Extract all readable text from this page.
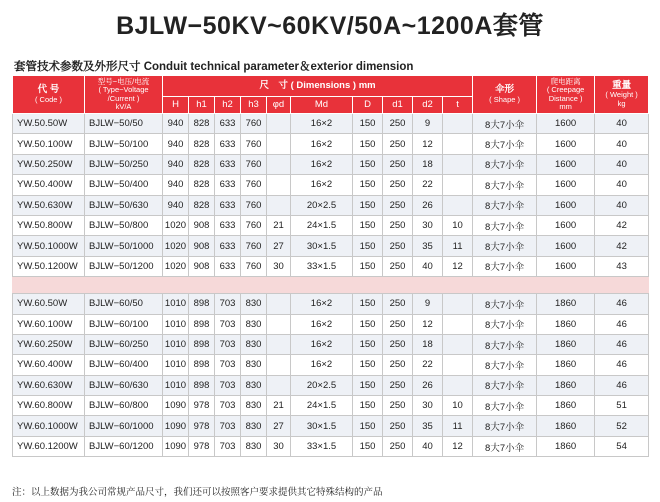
BJLW−50KV~60KV/50A~1200A套管
套管技术参数及外形尺寸 Conduit technical parameter＆exterior dimension
代 号
( Code )	型号−电压/电流
( Type−Voltage
/Current )
kV/A	尺　寸 ( Dimensions ) mm										伞形
( Shape )	爬电距离
( Creepage
Distance )
mm	重量
( Weight )
kg

		H	h1	h2	h3	φd	Md	D	d1	d2	t			
YW.50.50W	BJLW−50/50	940	828	633	760		16×2	150	250	9		8大7小伞	1600	40
YW.50.100W	BJLW−50/100	940	828	633	760		16×2	150	250	12		8大7小伞	1600	40
YW.50.250W	BJLW−50/250	940	828	633	760		16×2	150	250	18		8大7小伞	1600	40
YW.50.400W	BJLW−50/400	940	828	633	760		16×2	150	250	22		8大7小伞	1600	40
YW.50.630W	BJLW−50/630	940	828	633	760		20×2.5	150	250	26		8大7小伞	1600	40
YW.50.800W	BJLW−50/800	1020	908	633	760	21	24×1.5	150	250	30	10	8大7小伞	1600	42
YW.50.1000W	BJLW−50/1000	1020	908	633	760	27	30×1.5	150	250	35	11	8大7小伞	1600	42
YW.50.1200W	BJLW−50/1200	1020	908	633	760	30	33×1.5	150	250	40	12	8大7小伞	1600	43

YW.60.50W	BJLW−60/50	1010	898	703	830		16×2	150	250	9		8大7小伞	1860	46
YW.60.100W	BJLW−60/100	1010	898	703	830		16×2	150	250	12		8大7小伞	1860	46
YW.60.250W	BJLW−60/250	1010	898	703	830		16×2	150	250	18		8大7小伞	1860	46
YW.60.400W	BJLW−60/400	1010	898	703	830		16×2	150	250	22		8大7小伞	1860	46
YW.60.630W	BJLW−60/630	1010	898	703	830		20×2.5	150	250	26		8大7小伞	1860	46
YW.60.800W	BJLW−60/800	1090	978	703	830	21	24×1.5	150	250	30	10	8大7小伞	1860	51
YW.60.1000W	BJLW−60/1000	1090	978	703	830	27	30×1.5	150	250	35	11	8大7小伞	1860	52
YW.60.1200W	BJLW−60/1200	1090	978	703	830	30	33×1.5	150	250	40	12	8大7小伞	1860	54
注：以上数据为我公司常规产品尺寸，我们还可以按照客户要求提供其它特殊结构的产品
